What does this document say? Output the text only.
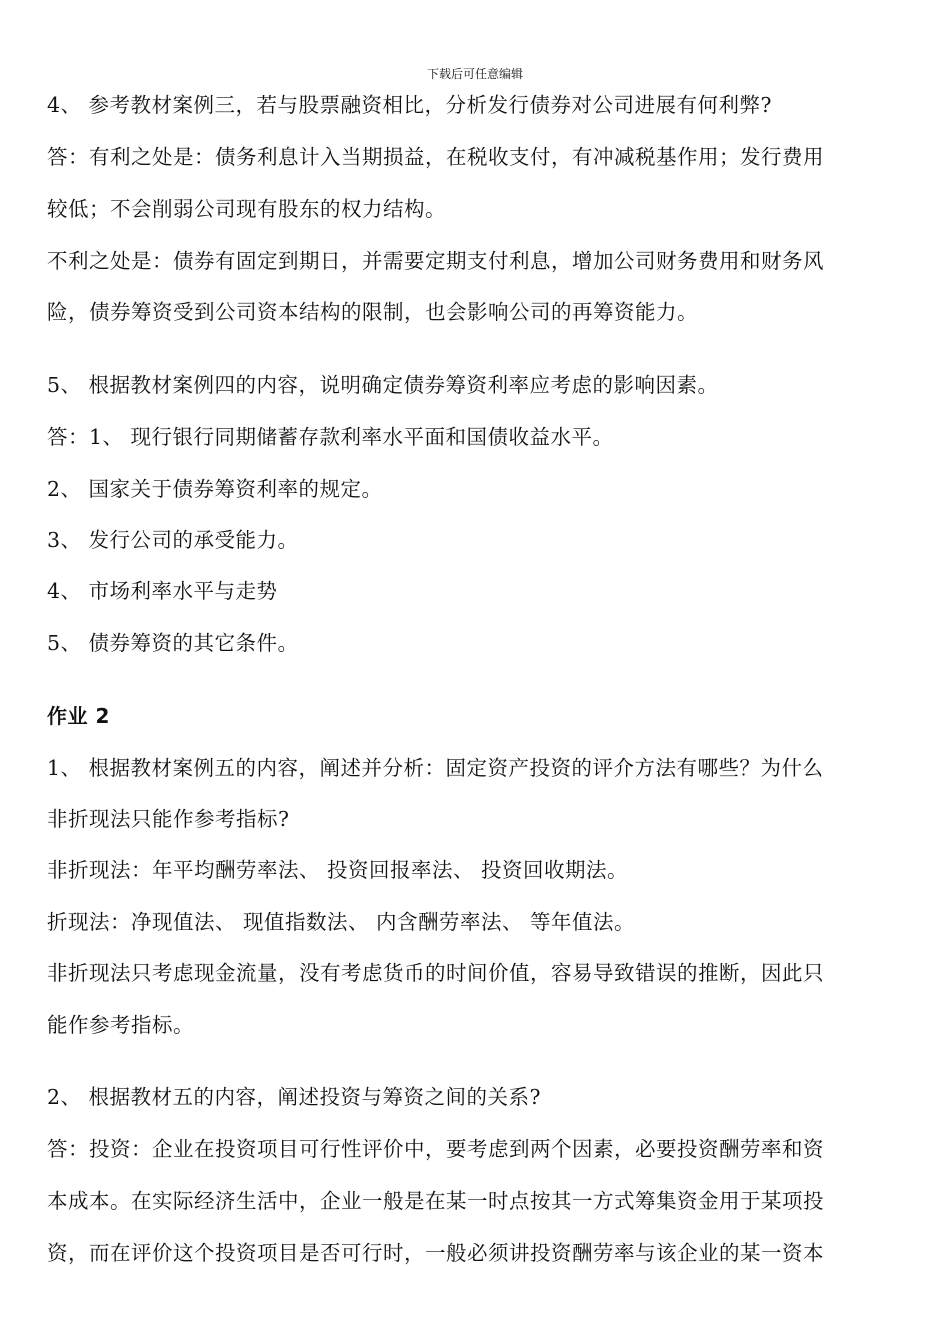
下载后可任意编辑
4、 参考教材案例三，若与股票融资相比，分析发行债券对公司进展有何利弊?
答：有利之处是：债务利息计入当期损益，在税收支付，有冲减税基作用；发行费用
较低；不会削弱公司现有股东的权力结构。
不利之处是：债券有固定到期日，并需要定期支付利息，增加公司财务费用和财务风
险，债券筹资受到公司资本结构的限制，也会影响公司的再筹资能力。
5、 根据教材案例四的内容，说明确定债券筹资利率应考虑的影响因素。
答：1、 现行银行同期储蓄存款利率水平面和国债收益水平。
2、 国家关于债券筹资利率的规定。
3、 发行公司的承受能力。
4、 市场利率水平与走势
5、 债券筹资的其它条件。
作业 2
1、 根据教材案例五的内容，阐述并分析：固定资产投资的评介方法有哪些？为什么
非折现法只能作参考指标?
非折现法：年平均酬劳率法、 投资回报率法、 投资回收期法。
折现法：净现值法、 现值指数法、 内含酬劳率法、 等年值法。
非折现法只考虑现金流量，没有考虑货币的时间价值，容易导致错误的推断，因此只
能作参考指标。
2、 根据教材五的内容，阐述投资与筹资之间的关系?
答：投资：企业在投资项目可行性评价中，要考虑到两个因素，必要投资酬劳率和资
本成本。在实际经济生活中，企业一般是在某一时点按其一方式筹集资金用于某项投
资，而在评价这个投资项目是否可行时，一般必须讲投资酬劳率与该企业的某一资本
